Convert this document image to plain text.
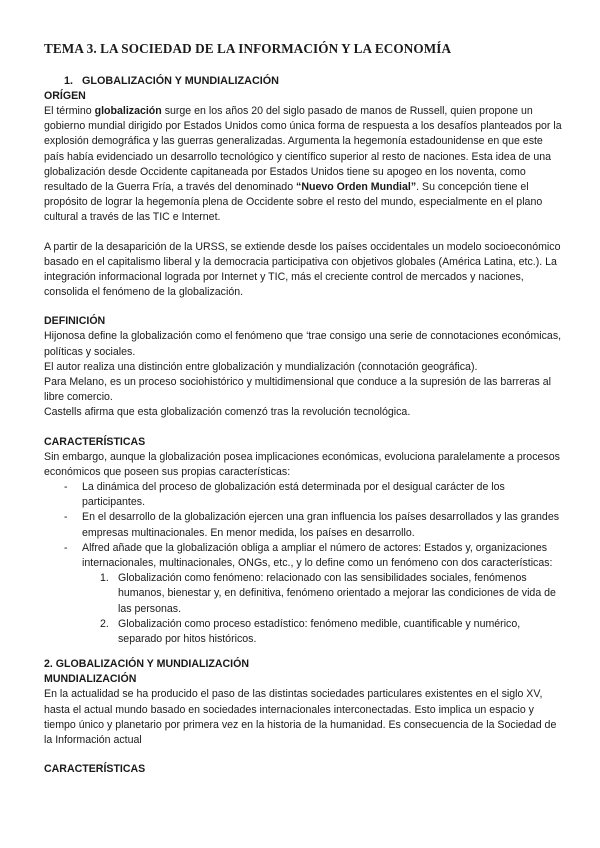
TEMA 3. LA SOCIEDAD DE LA INFORMACIÓN Y LA ECONOMÍA
1. GLOBALIZACIÓN Y MUNDIALIZACIÓN
ORÍGEN

El término globalización surge en los años 20 del siglo pasado de manos de Russell, quien propone un gobierno mundial dirigido por Estados Unidos como única forma de respuesta a los desafíos planteados por la explosión demográfica y las guerras generalizadas. Argumenta la hegemonía estadounidense en que este país había evidenciado un desarrollo tecnológico y científico superior al resto de naciones. Esta idea de una globalización desde Occidente capitaneada por Estados Unidos tiene su apogeo en los noventa, como resultado de la Guerra Fría, a través del denominado “Nuevo Orden Mundial”. Su concepción tiene el propósito de lograr la hegemonía plena de Occidente sobre el resto del mundo, especialmente en el plano cultural a través de las TIC e Internet.

A partir de la desaparición de la URSS, se extiende desde los países occidentales un modelo socioeconómico basado en el capitalismo liberal y la democracia participativa con objetivos globales (América Latina, etc.). La integración informacional lograda por Internet y TIC, más el creciente control de mercados y naciones, consolida el fenómeno de la globalización.

DEFINICIÓN

Hijonosa define la globalización como el fenómeno que ‘trae consigo una serie de connotaciones económicas, políticas y sociales.

El autor realiza una distinción entre globalización y mundialización (connotación geográfica).

Para Melano, es un proceso sociohistórico y multidimensional que conduce a la supresión de las barreras al libre comercio.

Castells afirma que esta globalización comenzó tras la revolución tecnológica.

CARACTERÍSTICAS

Sin embargo, aunque la globalización posea implicaciones económicas, evoluciona paralelamente a procesos económicos que poseen sus propias características:

- La dinámica del proceso de globalización está determinada por el desigual carácter de los participantes.
- En el desarrollo de la globalización ejercen una gran influencia los países desarrollados y las grandes empresas multinacionales. En menor medida, los países en desarrollo.
- Alfred añade que la globalización obliga a ampliar el número de actores: Estados y, organizaciones internacionales, multinacionales, ONGs, etc., y lo define como un fenómeno con dos características:
1. Globalización como fenómeno: relacionado con las sensibilidades sociales, fenómenos humanos, bienestar y, en definitiva, fenómeno orientado a mejorar las condiciones de vida de las personas.
2. Globalización como proceso estadístico: fenómeno medible, cuantificable y numérico, separado por hitos históricos.
2. GLOBALIZACIÓN Y MUNDIALIZACIÓN
MUNDIALIZACIÓN

En la actualidad se ha producido el paso de las distintas sociedades particulares existentes en el siglo XV, hasta el actual mundo basado en sociedades internacionales interconectadas. Esto implica un espacio y tiempo único y planetario por primera vez en la historia de la humanidad. Es consecuencia de la Sociedad de la Información actual

CARACTERÍSTICAS
